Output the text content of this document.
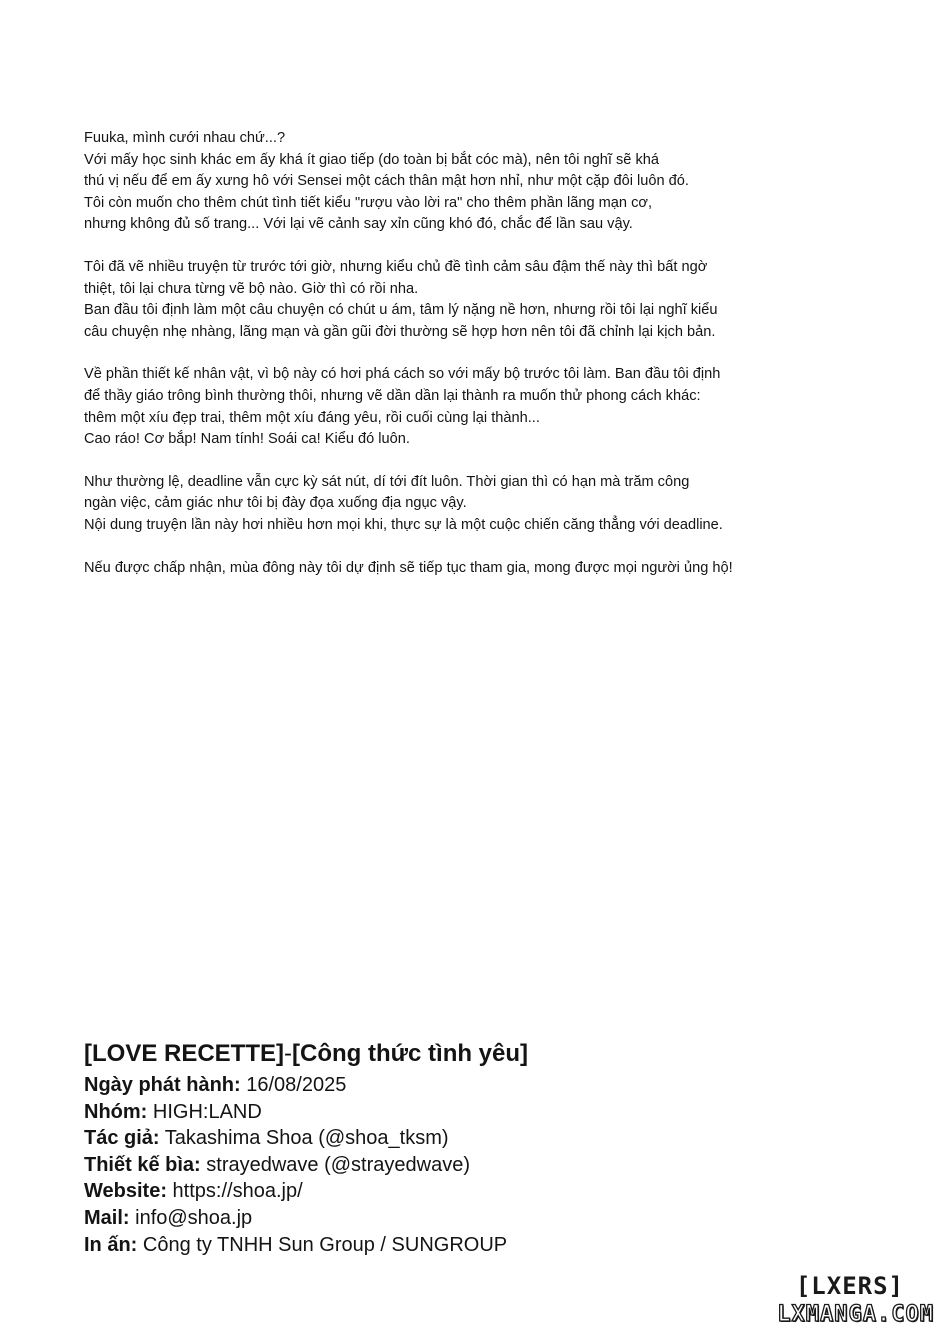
Fuuka, mình cưới nhau chứ...?
Với mấy học sinh khác em ấy khá ít giao tiếp (do toàn bị bắt cóc mà), nên tôi nghĩ sẽ khá
thú vị nếu để em ấy xưng hô với Sensei một cách thân mật hơn nhỉ, như một cặp đôi luôn đó.
Tôi còn muốn cho thêm chút tình tiết kiểu "rượu vào lời ra" cho thêm phần lãng mạn cơ,
nhưng không đủ số trang... Với lại vẽ cảnh say xỉn cũng khó đó, chắc để lần sau vậy.

Tôi đã vẽ nhiều truyện từ trước tới giờ, nhưng kiểu chủ đề tình cảm sâu đậm thế này thì bất ngờ
thiệt, tôi lại chưa từng vẽ bộ nào. Giờ thì có rồi nha.
Ban đầu tôi định làm một câu chuyện có chút u ám, tâm lý nặng nề hơn, nhưng rồi tôi lại nghĩ kiểu
câu chuyện nhẹ nhàng, lãng mạn và gần gũi đời thường sẽ hợp hơn nên tôi đã chỉnh lại kịch bản.

Về phần thiết kế nhân vật, vì bộ này có hơi phá cách so với mấy bộ trước tôi làm. Ban đầu tôi định
để thầy giáo trông bình thường thôi, nhưng vẽ dần dần lại thành ra muốn thử phong cách khác:
thêm một xíu đẹp trai, thêm một xíu đáng yêu, rồi cuối cùng lại thành...
Cao ráo! Cơ bắp! Nam tính! Soái ca! Kiểu đó luôn.

Như thường lệ, deadline vẫn cực kỳ sát nút, dí tới đít luôn. Thời gian thì có hạn mà trăm công
ngàn việc, cảm giác như tôi bị đày đọa xuống địa ngục vậy.
Nội dung truyện lần này hơi nhiều hơn mọi khi, thực sự là một cuộc chiến căng thẳng với deadline.

Nếu được chấp nhận, mùa đông này tôi dự định sẽ tiếp tục tham gia, mong được mọi người ủng hộ!

[LOVE RECETTE]-[Công thức tình yêu]
Ngày phát hành: 16/08/2025
Nhóm: HIGH:LAND
Tác giả: Takashima Shoa (@shoa_tksm)
Thiết kế bìa: strayedwave (@strayedwave)
Website: https://shoa.jp/
Mail: info@shoa.jp
In ấn: Công ty TNHH Sun Group / SUNGROUP
[LXERS]
LXMANGA.COM
